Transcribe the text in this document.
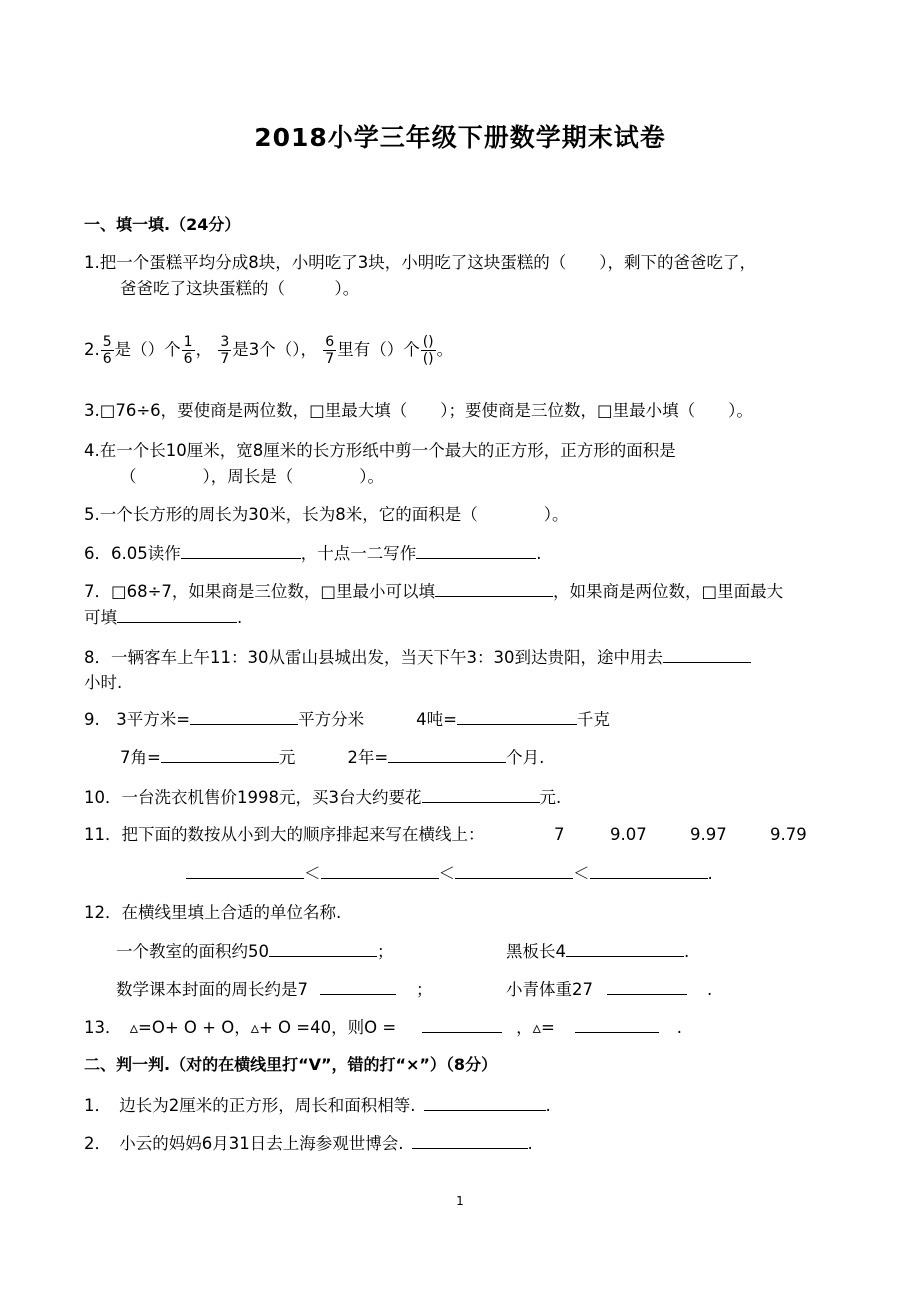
2018小学三年级下册数学期末试卷
一、填一填.（24分）
1.把一个蛋糕平均分成8块，小明吃了3块，小明吃了这块蛋糕的（　　），剩下的爸爸吃了，
爸爸吃了这块蛋糕的（　　　）。
2. $\frac{5}{6}$ 是（）个 $\frac{1}{6}$ ， $\frac{3}{7}$ 是3个（）， $\frac{6}{7}$ 里有（）个 $\frac{()}{()}$ 。
3.□76÷6，要使商是两位数，□里最大填（　　）；要使商是三位数，□里最小填（　　）。
4.在一个长10厘米，宽8厘米的长方形纸中剪一个最大的正方形，正方形的面积是
（　　　　），周长是（　　　　）。
5.一个长方形的周长为30米，长为8米，它的面积是（　　　　）。
6．6.05读作	，十点一二写作	.
7．□68÷7，如果商是三位数，□里最小可以填	，如果商是两位数，□里面最大
可填	.
8．一辆客车上午11：30从雷山县城出发，当天下午3：30到达贵阳，途中用去
小时.
9.　3平方米=	平方分米	4吨=	千克
7角=	元	2年=	个月.
10．一台洗衣机售价1998元，买3台大约要花	元.
11．把下面的数按从小到大的顺序排起来写在横线上：	7	9.07	9.97	9.79
＜	＜	＜	.
12．在横线里填上合适的单位名称.
一个教室的面积约50	；	黑板长4	.
数学课本封面的周长约是7	；	小青体重27	.
13．　▵=O+ O + O，▵+ O =40，则O =	，▵=	.
二、判一判.（对的在横线里打“V”，错的打“×”）（8分）
1．　边长为2厘米的正方形，周长和面积相等.	.
2．　小云的妈妈6月31日去上海参观世博会.	.
1
